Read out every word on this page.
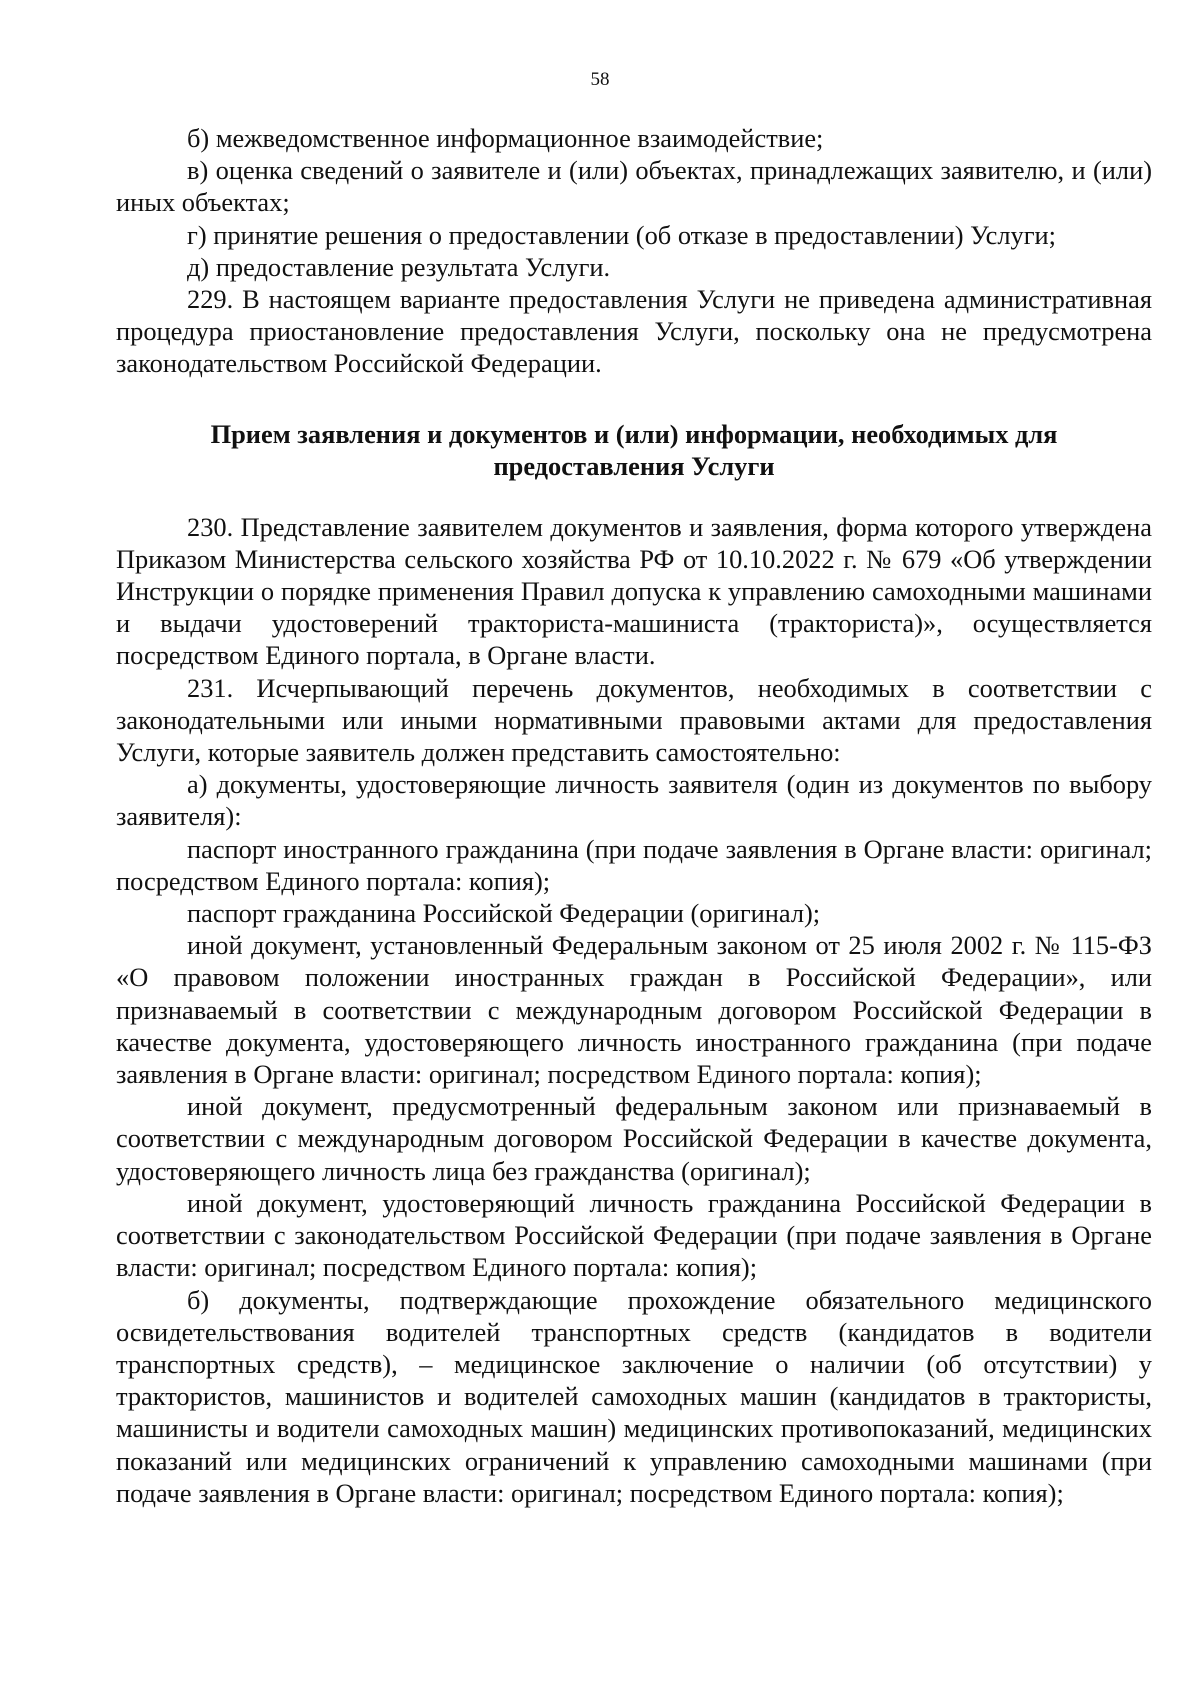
58

б) межведомственное информационное взаимодействие;

в) оценка сведений о заявителе и (или) объектах, принадлежащих заявителю, и (или) иных объектах;

г) принятие решения о предоставлении (об отказе в предоставлении) Услуги;

д) предоставление результата Услуги.

229. В настоящем варианте предоставления Услуги не приведена административная процедура приостановление предоставления Услуги, поскольку она не предусмотрена законодательством Российской Федерации.

Прием заявления и документов и (или) информации, необходимых для
предоставления Услуги

230. Представление заявителем документов и заявления, форма которого утверждена Приказом Министерства сельского хозяйства РФ от 10.10.2022 г. № 679 «Об утверждении Инструкции о порядке применения Правил допуска к управлению самоходными машинами и выдачи удостоверений тракториста-машиниста (тракториста)», осуществляется посредством Единого портала, в Органе власти.

231. Исчерпывающий перечень документов, необходимых в соответствии с законодательными или иными нормативными правовыми актами для предоставления Услуги, которые заявитель должен представить самостоятельно:

а) документы, удостоверяющие личность заявителя (один из документов по выбору заявителя):

паспорт иностранного гражданина (при подаче заявления в Органе власти: оригинал; посредством Единого портала: копия);

паспорт гражданина Российской Федерации (оригинал);

иной документ, установленный Федеральным законом от 25 июля 2002 г. № 115-ФЗ «О правовом положении иностранных граждан в Российской Федерации», или признаваемый в соответствии с международным договором Российской Федерации в качестве документа, удостоверяющего личность иностранного гражданина (при подаче заявления в Органе власти: оригинал; посредством Единого портала: копия);

иной документ, предусмотренный федеральным законом или признаваемый в соответствии с международным договором Российской Федерации в качестве документа, удостоверяющего личность лица без гражданства (оригинал);

иной документ, удостоверяющий личность гражданина Российской Федерации в соответствии с законодательством Российской Федерации (при подаче заявления в Органе власти: оригинал; посредством Единого портала: копия);

б) документы, подтверждающие прохождение обязательного медицинского освидетельствования водителей транспортных средств (кандидатов в водители транспортных средств), – медицинское заключение о наличии (об отсутствии) у трактористов, машинистов и водителей самоходных машин (кандидатов в трактористы, машинисты и водители самоходных машин) медицинских противопоказаний, медицинских показаний или медицинских ограничений к управлению самоходными машинами (при подаче заявления в Органе власти: оригинал; посредством Единого портала: копия);
